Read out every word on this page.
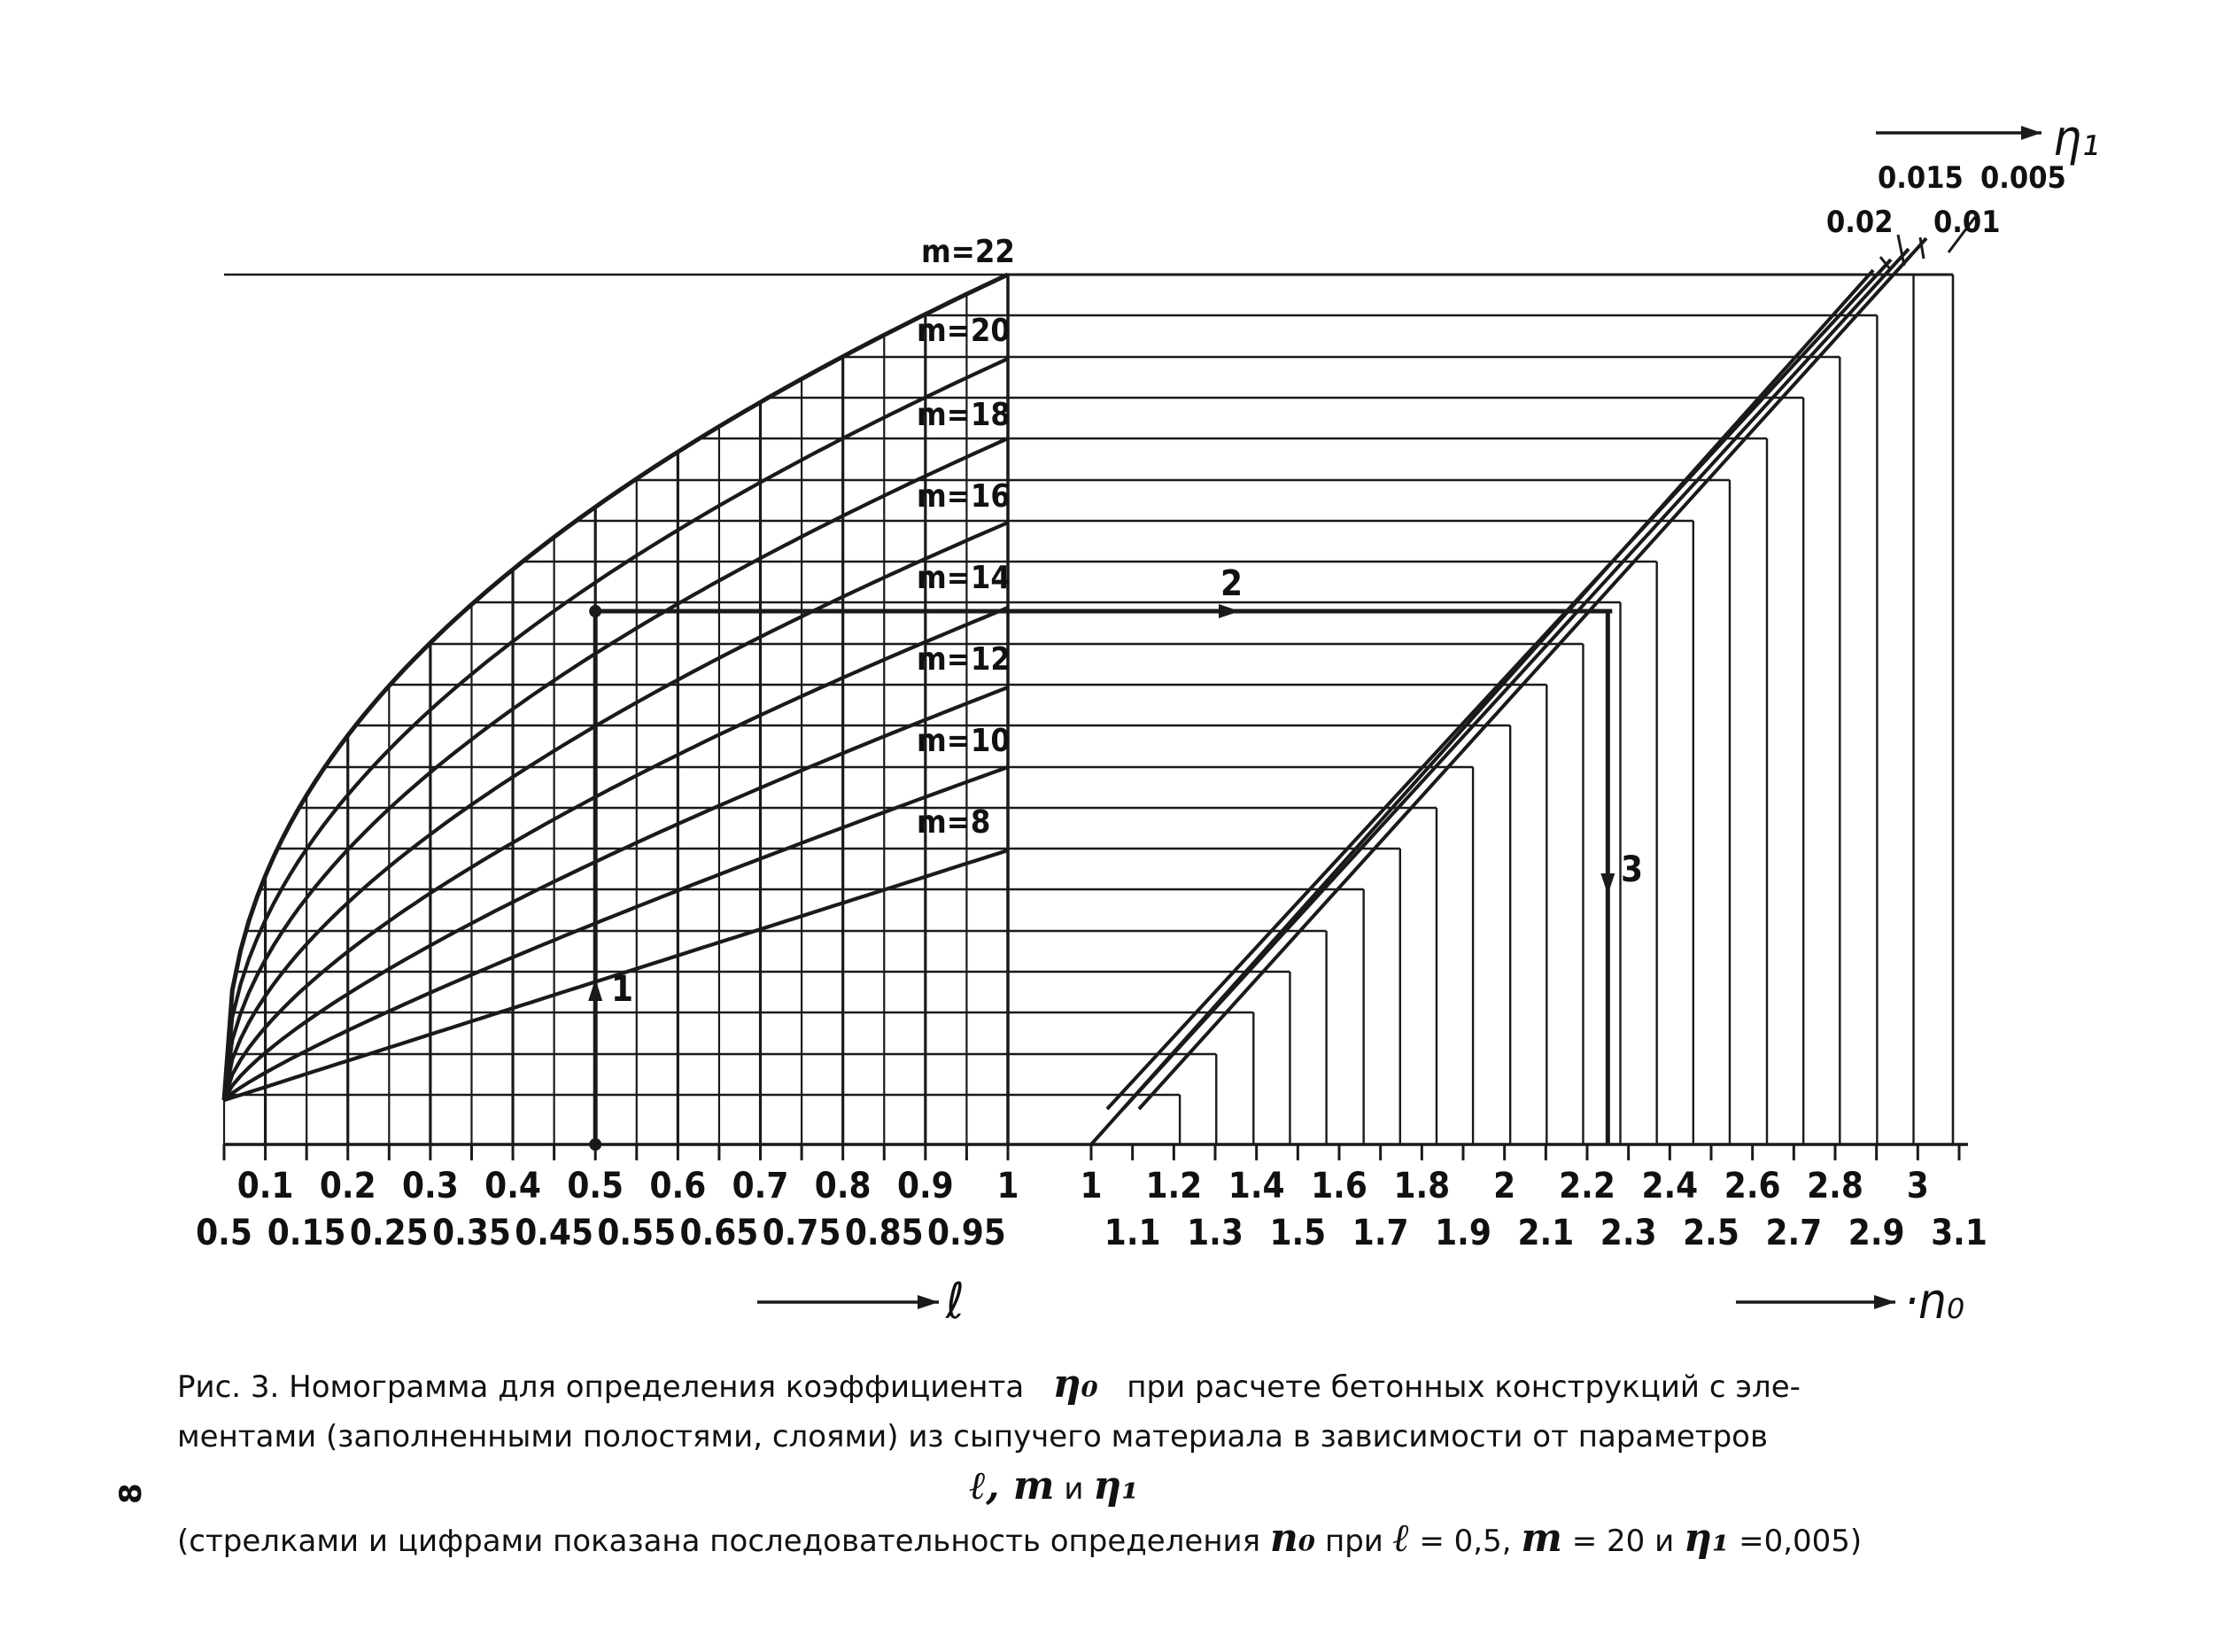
m=8
m=10
m=12
m=14
m=16
m=18
m=20
m=22
0.02
0.015
0.01
0.005
η₁
0.1 0.2 0.3 0.4 0.5 0.6 0.7 0.8 0.9 1
0.5 0.15 0.25 0.35 0.45 0.55 0.65 0.75 0.85 0.95
1 1.2 1.4 1.6 1.8 2 2.2 2.4 2.6 2.8 3
1.1 1.3 1.5 1.7 1.9 2.1 2.3 2.5 2.7 2.9 3.1
ℓ	·n₀
1
2
3
Рис. 3. Номограмма для определения коэффициента η₀ при расчете бетонных конструкций с эле-
ментами (заполненными полостями, слоями) из сыпучего материала в зависимости от параметров
ℓ, m и η₁
(стрелками и цифрами показана последовательность определения n₀ при ℓ = 0,5, m = 20 и η₁ =0,005)
8
